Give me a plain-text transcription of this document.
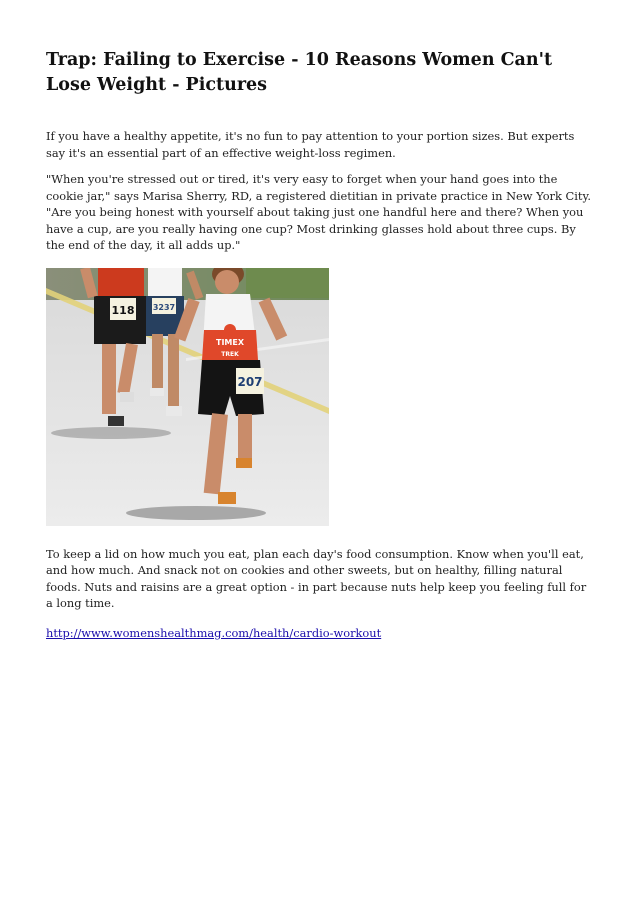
Trap: Failing to Exercise - 10 Reasons Women Can't Lose Weight - Pictures

If you have a healthy appetite, it's no fun to pay attention to your portion sizes. But experts say it's an essential part of an effective weight-loss regimen.

"When you're stressed out or tired, it's very easy to forget when your hand goes into the cookie jar," says Marisa Sherry, RD, a registered dietitian in private practice in New York City. "Are you being honest with yourself about taking just one handful here and there? When you have a cup, are you really having one cup? Most drinking glasses hold about three cups. By the end of the day, it all adds up."

118 3237
TIMEX
TREK
207

To keep a lid on how much you eat, plan each day's food consumption. Know when you'll eat, and how much. And snack not on cookies and other sweets, but on healthy, filling natural foods. Nuts and raisins are a great option - in part because nuts help keep you feeling full for a long time.

http://www.womenshealthmag.com/health/cardio-workout
